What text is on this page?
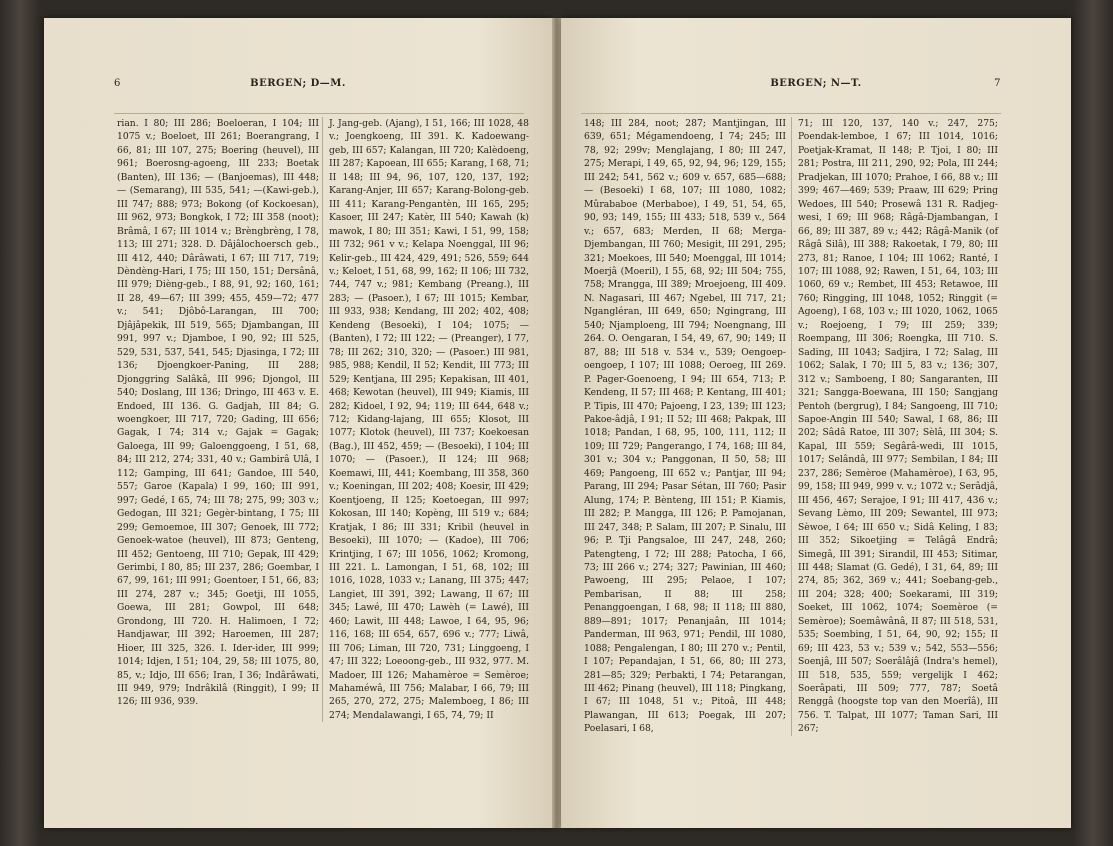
6	BERGEN; D—M.

rian. I 80; III 286; Boeloeran, I 104; III 1075 v.; Boeloet, III 261; Boerangrang, I 66, 81; III 107, 275; Boering (heuvel), III 961; Boerosng-agoeng, III 233; Boetak (Banten), III 136; — (Banjoemas), III 448; — (Semarang), III 535, 541; —(Kawi-geb.), III 747; 888; 973; Bokong (of Kockoesan), III 962, 973; Bongkok, I 72; III 358 (noot); Brâmâ, I 67; III 1014 v.; Brèngbrèng, I 78, 113; III 271; 328. D. Dâjâlochoersch geb., III 412, 440; Dârâwati, I 67; III 717, 719; Dèndèng-Hari, I 75; III 150, 151; Dersânâ, III 979; Dièng-geb., I 88, 91, 92; 160, 161; II 28, 49—67; III 399; 455, 459—72; 477 v.; 541; Djôbô-Larangan, III 700; Djâjâpekik, III 519, 565; Djambangan, III 991, 997 v.; Djamboe, I 90, 92; III 525, 529, 531, 537, 541, 545; Djasinga, I 72; III 136; Djoengkoer-Paning, III 288; Djonggring Salâkâ, III 996; Djongol, III 540; Doslang, III 136; Dringo, III 463 v. E. Endoed, III 136. G. Gadjah, III 84; G. woengkoer, III 717, 720; Gading, III 656; Gagak, I 74; 314 v.; Gajak = Gagak; Galoega, III 99; Galoenggoeng, I 51, 68, 84; III 212, 274; 331, 40 v.; Gambirâ Ulâ, I 112; Gamping, III 641; Gandoe, III 540, 557; Garoe (Kapala) I 99, 160; III 991, 997; Gedé, I 65, 74; III 78; 275, 99; 303 v.; Gedogan, III 321; Gegèr-bintang, I 75; III 299; Gemoemoe, III 307; Genoek, III 772; Genoek-watoe (heuvel), III 873; Genteng, III 452; Gentoeng, III 710; Gepak, III 429; Gerimbi, I 80, 85; III 237, 286; Goembar, I 67, 99, 161; III 991; Goentoer, I 51, 66, 83; III 274, 287 v.; 345; Goetji, III 1055, Goewa, III 281; Gowpol, III 648; Grondong, III 720. H. Halimoen, I 72; Handjawar, III 392; Haroemen, III 287; Hioer, III 325, 326. I. Ider-ider, III 999; 1014; Idjen, I 51; 104, 29, 58; III 1075, 80, 85, v.; Idjo, III 656; Iran, I 36; Indârâwati, III 949, 979; Indrâkilâ (Ringgit), I 99; II 126; III 936, 939.

J. Jang-geb. (Ajang), I 51, 166; III 1028, 48 v.; Joengkoeng, III 391. K. Kadoewang-geb, III 657; Kalangan, III 720; Kalèdoeng, III 287; Kapoean, III 655; Karang, I 68, 71; II 148; III 94, 96, 107, 120, 137, 192; Karang-Anjer, III 657; Karang-Bolong-geb. III 411; Karang-Pengantèn, III 165, 295; Kasoer, III 247; Katèr, III 540; Kawah (k) mawok, I 80; III 351; Kawi, I 51, 99, 158; III 732; 961 v v.; Kelapa Noenggal, III 96; Kelir-geb., III 424, 429, 491; 526, 559; 644 v.; Keloet, I 51, 68, 99, 162; II 106; III 732, 744, 747 v.; 981; Kembang (Preang.), III 283; — (Pasoer.), I 67; III 1015; Kembar, III 933, 938; Kendang, III 202; 402, 408; Kendeng (Besoeki), I 104; 1075; — (Banten), I 72; III 122; — (Preanger), I 77, 78; III 262; 310, 320; — (Pasoer.) III 981, 985, 988; Kendil, II 52; Kendit, III 773; III 529; Kentjana, III 295; Kepakisan, III 401, 468; Kewotan (heuvel), III 949; Kiamis, III 282; Kidoel, I 92, 94; 119; III 644, 648 v.; 712; Kidang-lajang, III 655; Klosot, III 1077; Klotok (heuvel), III 737; Koekoesan (Bag.), III 452, 459; — (Besoeki), I 104; III 1070; — (Pasoer.), II 124; III 968; Koemawi, III, 441; Koembang, III 358, 360 v.; Koeningan, III 202; 408; Koesir, III 429; Koentjoeng, II 125; Koetoegan, III 997; Kokosan, III 140; Kopèng, III 519 v.; 684; Kratjak, I 86; III 331; Kribil (heuvel in Besoeki), III 1070; — (Kadoe), III 706; Krintjing, I 67; III 1056, 1062; Kromong, III 221. L. Lamongan, I 51, 68, 102; III 1016, 1028, 1033 v.; Lanang, III 375; 447; Langiet, III 391, 392; Lawang, II 67; III 345; Lawé, III 470; Lawèh (= Lawé), III 460; Lawit, III 448; Lawoe, I 64, 95, 96; 116, 168; III 654, 657, 696 v.; 777; Liwâ, III 706; Liman, III 720, 731; Linggoeng, I 47; III 322; Loeoong-geb., III 932, 977. M. Madoer, III 126; Mahamèroe = Semèroe; Mahaméwâ, III 756; Malabar, I 66, 79; III 265, 270, 272, 275; Malemboeg, I 86; III 274; Mendalawangi, I 65, 74, 79; II

BERGEN; N—T.	7

148; III 284, noot; 287; Mantjingan, III 639, 651; Mégamendoeng, I 74; 245; III 78, 92; 299v; Menglajang, I 80; III 247, 275; Merapi, I 49, 65, 92, 94, 96; 129, 155; III 242; 541, 562 v.; 609 v. 657, 685—688; — (Besoeki) I 68, 107; III 1080, 1082; Mûrababoe (Merbaboe), I 49, 51, 54, 65, 90, 93; 149, 155; III 433; 518, 539 v., 564 v.; 657, 683; Merden, II 68; Merga-Djembangan, III 760; Mesigit, III 291, 295; 321; Moekoes, III 540; Moenggal, III 1014; Moerjâ (Moeril), I 55, 68, 92; III 504; 755, 758; Mrangga, III 389; Mroejoeng, III 409. N. Nagasari, III 467; Ngebel, III 717, 21; Ngangléran, III 649, 650; Ngingrang, III 540; Njamploeng, III 794; Noengnang, III 264. O. Oengaran, I 54, 49, 67, 90; 149; II 87, 88; III 518 v. 534 v., 539; Oengoep-oengoep, I 107; III 1088; Oeroeg, III 269. P. Pager-Goenoeng, I 94; III 654, 713; P. Kendeng, II 57; III 468; P. Kentang, III 401; P. Tipis, III 470; Pajoeng, I 23, 139; III 123; Pakoe-âdjâ, I 91; II 52; III 468; Pakpak, III 1018; Pandan, I 68, 95, 100, 111, 112; II 109; III 729; Pangerango, I 74, 168; III 84, 301 v.; 304 v.; Panggonan, II 50, 58; III 469; Pangoeng, III 652 v.; Pantjar, III 94; Parang, III 294; Pasar Sétan, III 760; Pasir Alung, 174; P. Bènteng, III 151; P. Kiamis, III 282; P. Mangga, III 126; P. Pamojanan, III 247, 348; P. Salam, III 207; P. Sinalu, III 96; P. Tji Pangsaloe, III 247, 248, 260; Patengteng, I 72; III 288; Patocha, I 66, 73; III 266 v.; 274; 327; Pawinian, III 460; Pawoeng, III 295; Pelaoe, I 107; Pembarisan, II 88; III 258; Penanggoengan, I 68, 98; II 118; III 880, 889—891; 1017; Penanjaân, III 1014; Panderman, III 963, 971; Pendil, III 1080, 1088; Pengalengan, I 80; III 270 v.; Pentil, I 107; Pepandajan, I 51, 66, 80; III 273, 281—85; 329; Perbakti, I 74; Petarangan, III 462; Pinang (heuvel), III 118; Pingkang, I 67; III 1048, 51 v.; Pitoâ, III 448; Plawangan, III 613; Poegak, III 207; Poelasari, I 68,

71; III 120, 137, 140 v.; 247, 275; Poendak-lemboe, I 67; III 1014, 1016; Poetjak-Kramat, II 148; P. Tjoi, I 80; III 281; Postra, III 211, 290, 92; Pola, III 244; Pradjekan, III 1070; Prahoe, I 66, 88 v.; III 399; 467—469; 539; Praaw, III 629; Pring Wedoes, III 540; Prosewâ 131 R. Radjeg-wesi, I 69; III 968; Râgâ-Djambangan, I 66, 89; III 387, 89 v.; 442; Râgâ-Manik (of Râgâ Silâ), III 388; Rakoetak, I 79, 80; III 273, 81; Ranoe, I 104; III 1062; Ranté, I 107; III 1088, 92; Rawen, I 51, 64, 103; III 1060, 69 v.; Rembet, III 453; Retawoe, III 760; Ringging, III 1048, 1052; Ringgit (= Agoeng), I 68, 103 v.; III 1020, 1062, 1065 v.; Roejoeng, I 79; III 259; 339; Roempang, III 306; Roengka, III 710. S. Sading, III 1043; Sadjira, I 72; Salag, III 1062; Salak, I 70; III 5, 83 v.; 136; 307, 312 v.; Samboeng, I 80; Sangaranten, III 321; Sangga-Boewana, III 150; Sangjang Pentoh (bergrug), I 84; Sangoeng, III 710; Sapoe-Angin III 540; Sawal, I 68, 86; III 202; Sâdâ Ratoe, III 307; Sèlâ, III 304; S. Kapal, III 559; Segârâ-wedi, III 1015, 1017; Selândâ, III 977; Sembilan, I 84; III 237, 286; Semèroe (Mahamèroe), I 63, 95, 99, 158; III 949, 999 v. v.; 1072 v.; Serâdjâ, III 456, 467; Serajoe, I 91; III 417, 436 v.; Sevang Lèmo, III 209; Sewantel, III 973; Sèwoe, I 64; III 650 v.; Sidâ Keling, I 83; III 352; Sikoetjing = Telâgâ Endrâ; Simegâ, III 391; Sirandil, III 453; Sitimar, III 448; Slamat (G. Gedé), I 31, 64, 89; III 274, 85; 362, 369 v.; 441; Soebang-geb., III 204; 328; 400; Soekarami, III 319; Soeket, III 1062, 1074; Soemèroe (= Semèroe); Soemâwânâ, II 87; III 518, 531, 535; Soembing, I 51, 64, 90, 92; 155; II 69; III 423, 53 v.; 539 v.; 542, 553—556; Soenjâ, III 507; Soerâlâjâ (Indra's hemel), III 518, 535, 559; vergelijk I 462; Soerâpati, III 509; 777, 787; Soetâ Renggâ (hoogste top van den Moerîâ), III 756. T. Talpat, III 1077; Taman Sari, III 267;
